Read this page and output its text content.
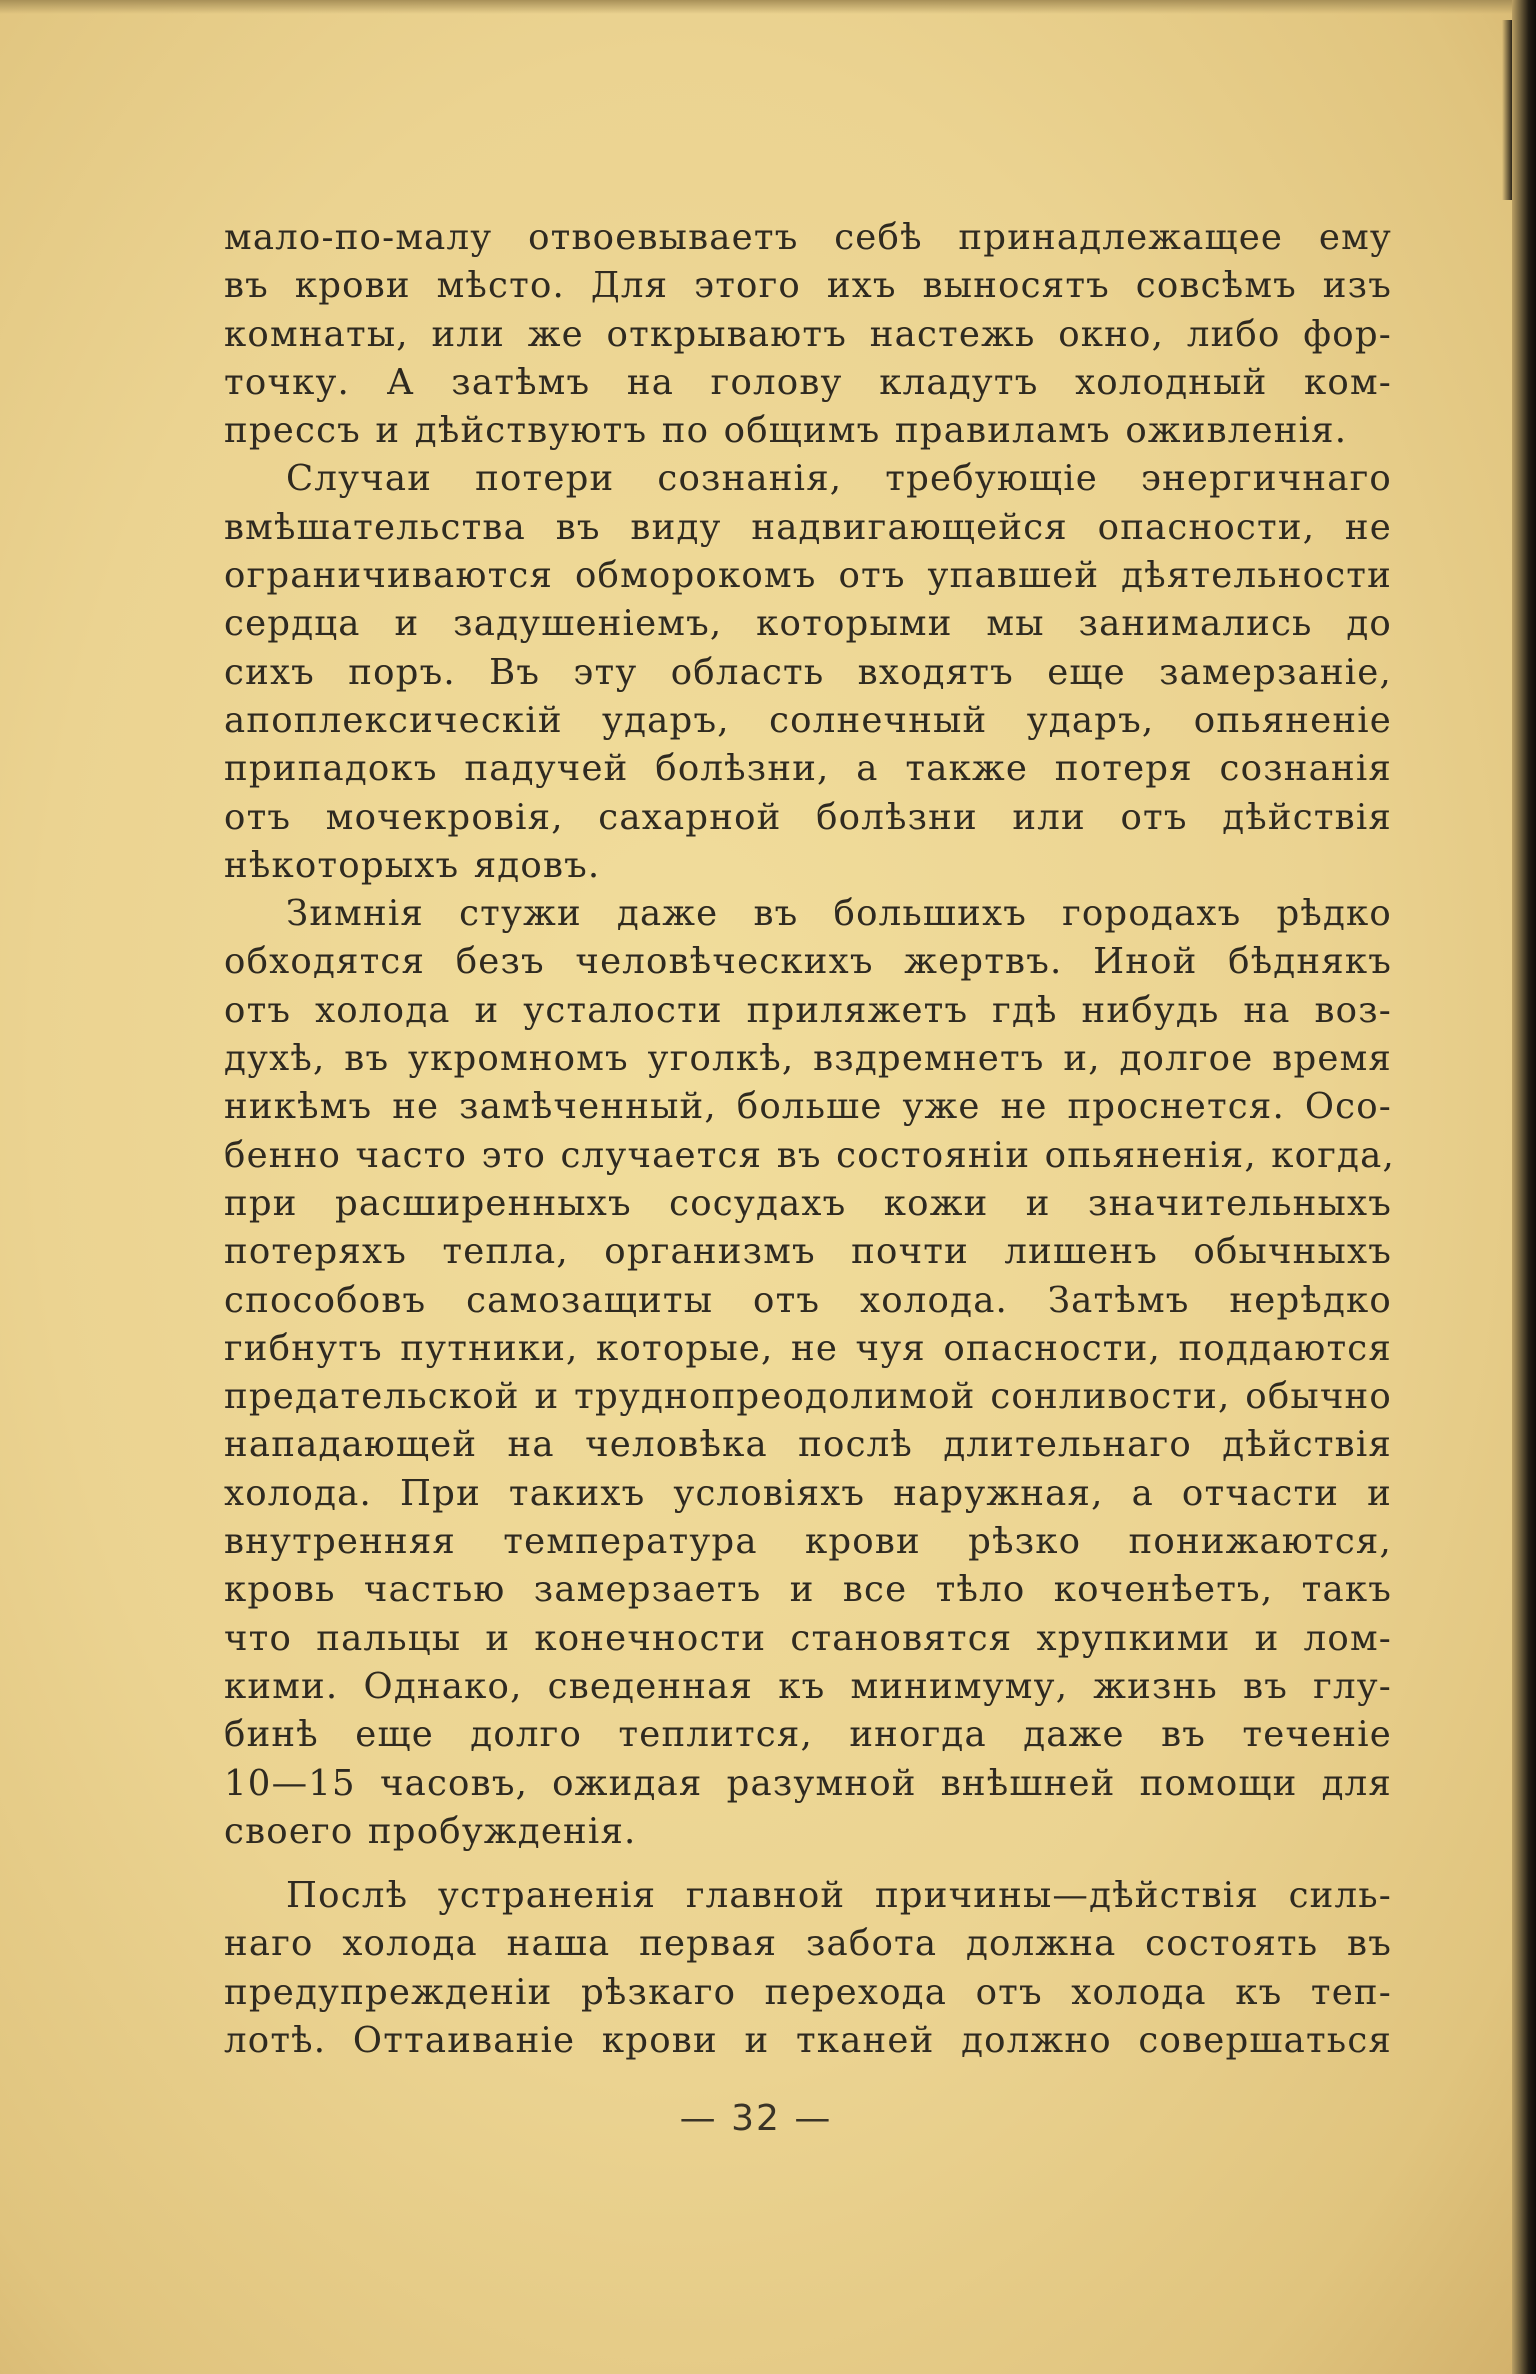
мало-по-малу отвоевываетъ себѣ принадлежащее ему
въ крови мѣсто. Для этого ихъ выносятъ совсѣмъ изъ
комнаты, или же открываютъ настежь окно, либо фор-
точку. А затѣмъ на голову кладутъ холодный ком-
прессъ и дѣйствуютъ по общимъ правиламъ оживленія.
Случаи потери сознанія, требующіе энергичнаго
вмѣшательства въ виду надвигающейся опасности, не
ограничиваются обморокомъ отъ упавшей дѣятельности
сердца и задушеніемъ, которыми мы занимались до
сихъ поръ. Въ эту область входятъ еще замерзаніе,
апоплексическій ударъ, солнечный ударъ, опьяненіе
припадокъ падучей болѣзни, а также потеря сознанія
отъ мочекровія, сахарной болѣзни или отъ дѣйствія
нѣкоторыхъ ядовъ.
Зимнія стужи даже въ большихъ городахъ рѣдко
обходятся безъ человѣческихъ жертвъ. Иной бѣднякъ
отъ холода и усталости приляжетъ гдѣ нибудь на воз-
духѣ, въ укромномъ уголкѣ, вздремнетъ и, долгое время
никѣмъ не замѣченный, больше уже не проснется. Осо-
бенно часто это случается въ состояніи опьяненія, когда,
при расширенныхъ сосудахъ кожи и значительныхъ
потеряхъ тепла, организмъ почти лишенъ обычныхъ
способовъ самозащиты отъ холода. Затѣмъ нерѣдко
гибнутъ путники, которые, не чуя опасности, поддаются
предательской и труднопреодолимой сонливости, обычно
нападающей на человѣка послѣ длительнаго дѣйствія
холода. При такихъ условіяхъ наружная, а отчасти и
внутренняя температура крови рѣзко понижаются,
кровь частью замерзаетъ и все тѣло коченѣетъ, такъ
что пальцы и конечности становятся хрупкими и лом-
кими. Однако, сведенная къ минимуму, жизнь въ глу-
бинѣ еще долго теплится, иногда даже въ теченіе
10—15 часовъ, ожидая разумной внѣшней помощи для
своего пробужденія.
Послѣ устраненія главной причины—дѣйствія силь-
наго холода наша первая забота должна состоять въ
предупрежденіи рѣзкаго перехода отъ холода къ теп-
лотѣ. Оттаиваніе крови и тканей должно совершаться
— 32 —
